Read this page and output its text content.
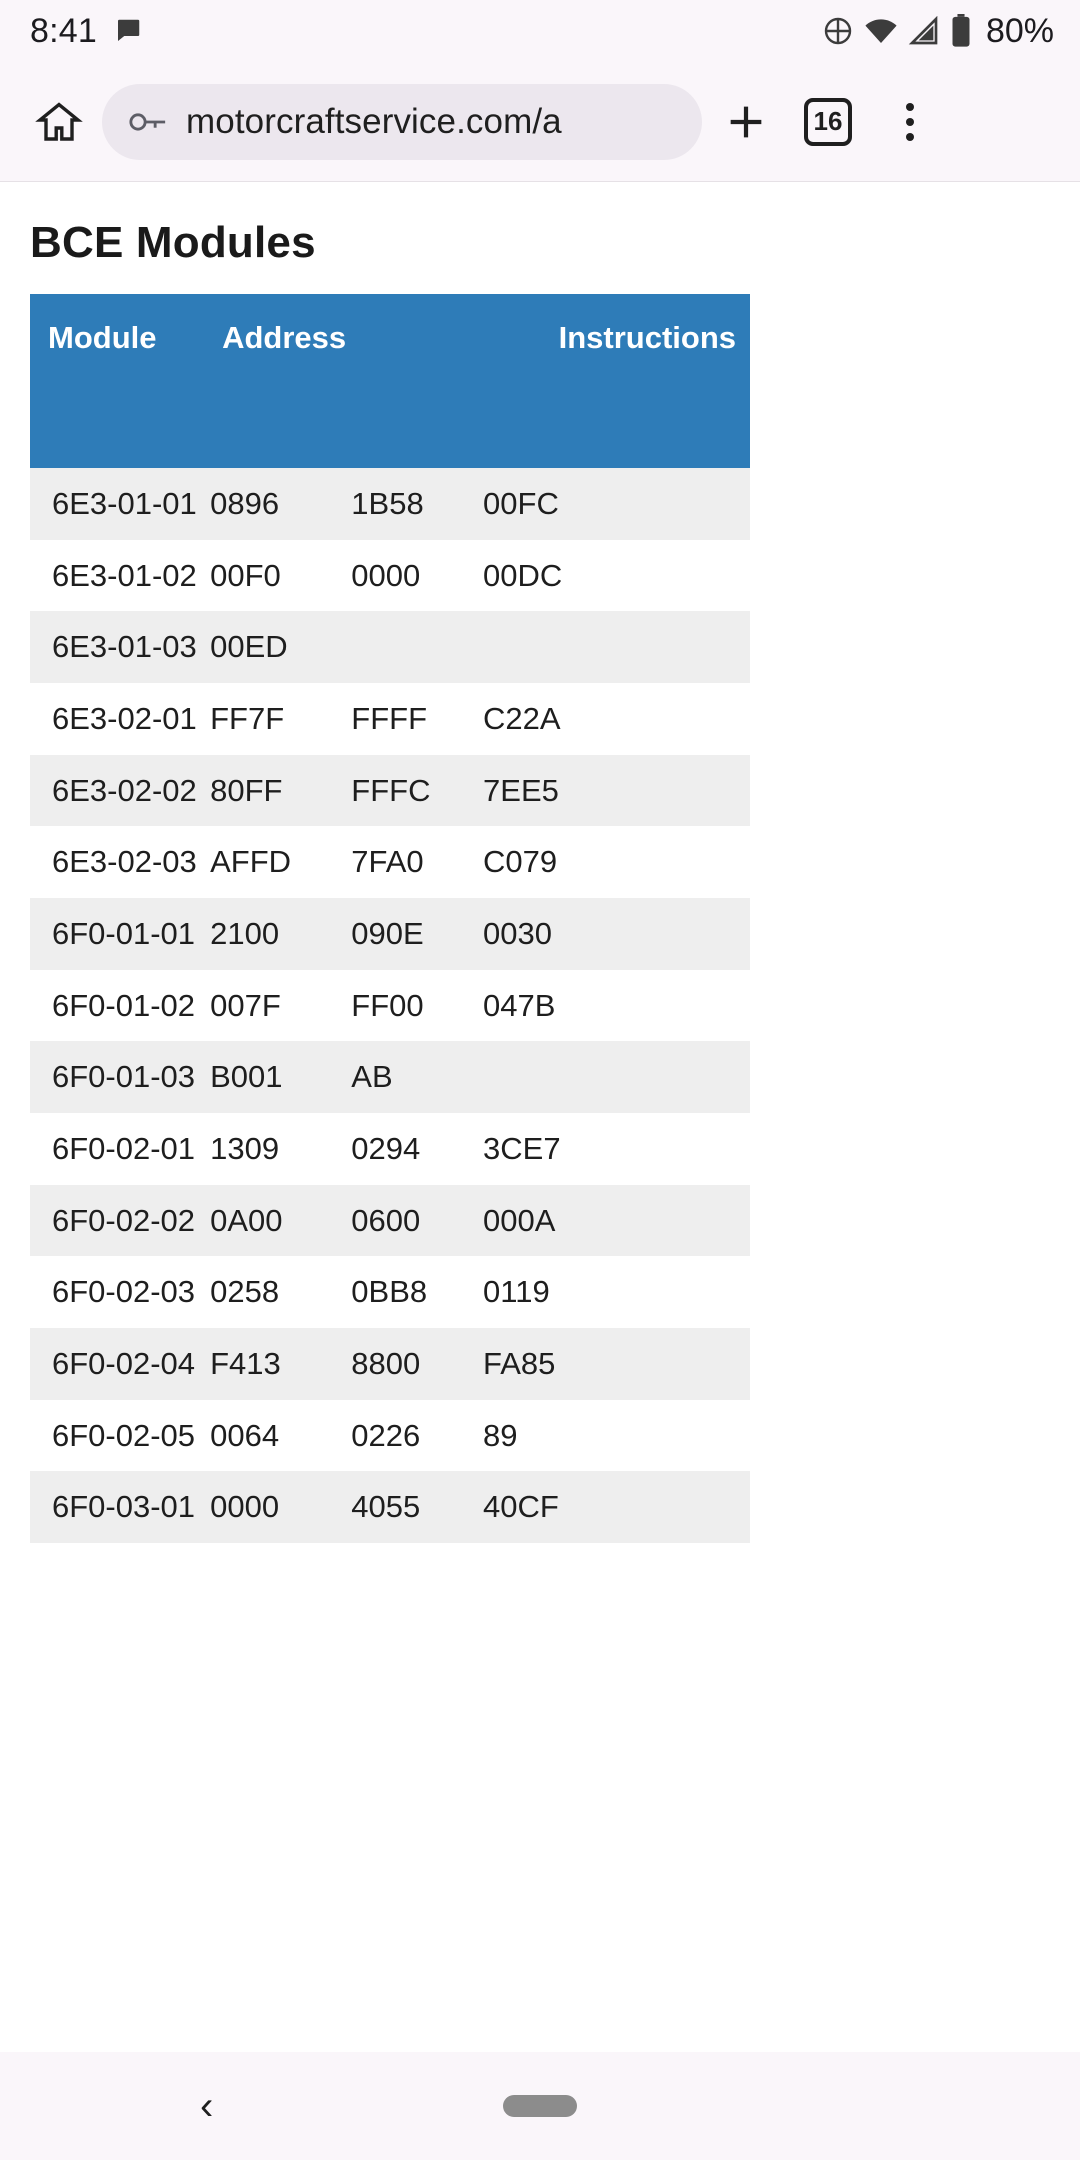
8:41	80%
motorcraftservice.com/a	16
BCE Modules
Module	Address		Instructions	
6E3-01-01	0896	1B58	00FC	
6E3-01-02	00F0	0000	00DC	
6E3-01-03	00ED			
6E3-02-01	FF7F	FFFF	C22A	
6E3-02-02	80FF	FFFC	7EE5	
6E3-02-03	AFFD	7FA0	C079	
6F0-01-01	2100	090E	0030	
6F0-01-02	007F	FF00	047B	
6F0-01-03	B001	AB		
6F0-02-01	1309	0294	3CE7	
6F0-02-02	0A00	0600	000A	
6F0-02-03	0258	0BB8	0119	
6F0-02-04	F413	8800	FA85	
6F0-02-05	0064	0226	89	
6F0-03-01	0000	4055	40CF	
‹
